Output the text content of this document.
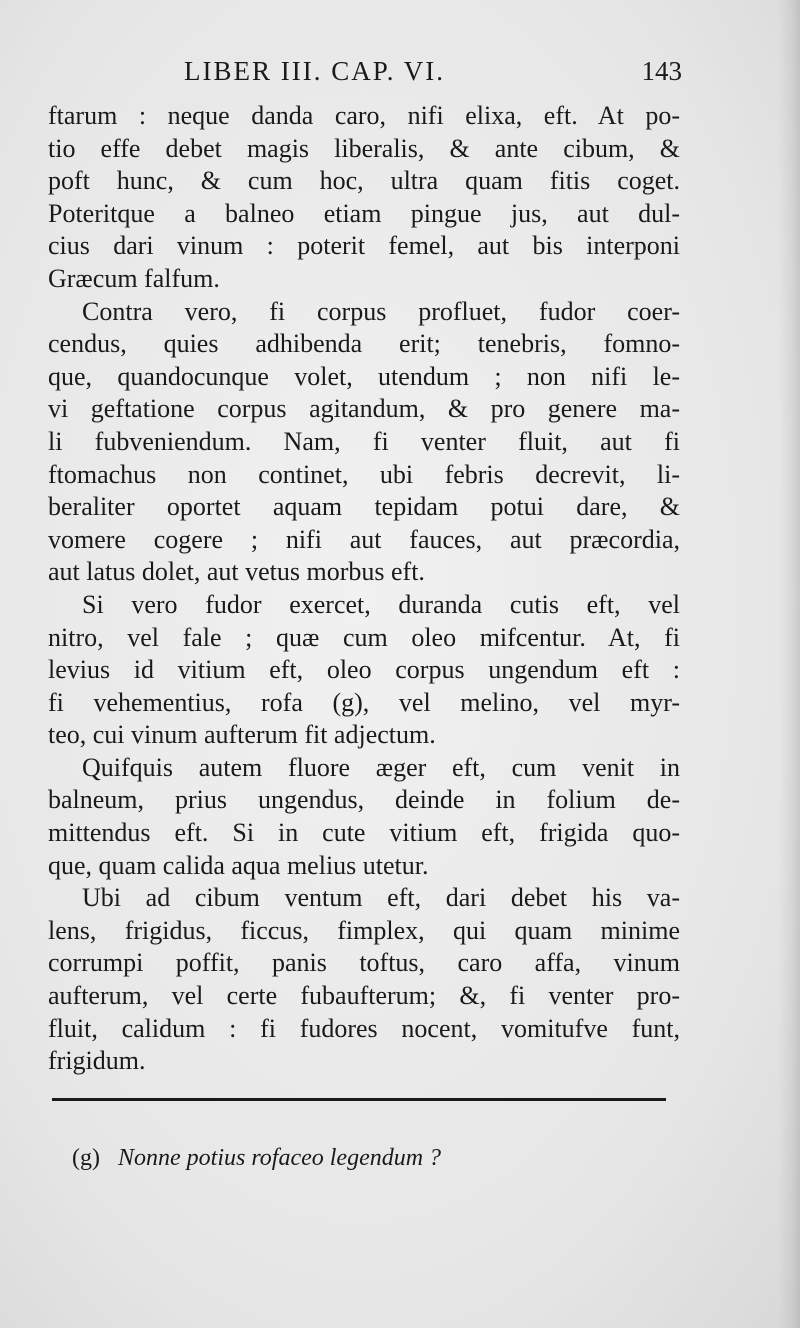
LIBER III. CAP. VI.	143
ftarum : neque danda caro, nifi elixa, eft. At po-
tio effe debet magis liberalis, & ante cibum, &
poft hunc, & cum hoc, ultra quam fitis coget.
Poteritque a balneo etiam pingue jus, aut dul-
cius dari vinum : poterit femel, aut bis interponi
Græcum falfum.
Contra vero, fi corpus profluet, fudor coer-
cendus, quies adhibenda erit; tenebris, fomno-
que, quandocunque volet, utendum ; non nifi le-
vi geftatione corpus agitandum, & pro genere ma-
li fubveniendum. Nam, fi venter fluit, aut fi
ftomachus non continet, ubi febris decrevit, li-
beraliter oportet aquam tepidam potui dare, &
vomere cogere ; nifi aut fauces, aut præcordia,
aut latus dolet, aut vetus morbus eft.
Si vero fudor exercet, duranda cutis eft, vel
nitro, vel fale ; quæ cum oleo mifcentur. At, fi
levius id vitium eft, oleo corpus ungendum eft :
fi vehementius, rofa (g), vel melino, vel myr-
teo, cui vinum aufterum fit adjectum.
Quifquis autem fluore æger eft, cum venit in
balneum, prius ungendus, deinde in folium de-
mittendus eft. Si in cute vitium eft, frigida quo-
que, quam calida aqua melius utetur.
Ubi ad cibum ventum eft, dari debet his va-
lens, frigidus, ficcus, fimplex, qui quam minime
corrumpi poffit, panis toftus, caro affa, vinum
aufterum, vel certe fubaufterum; &, fi venter pro-
fluit, calidum : fi fudores nocent, vomitufve funt,
frigidum.
(g) Nonne potius rofaceo legendum ?
